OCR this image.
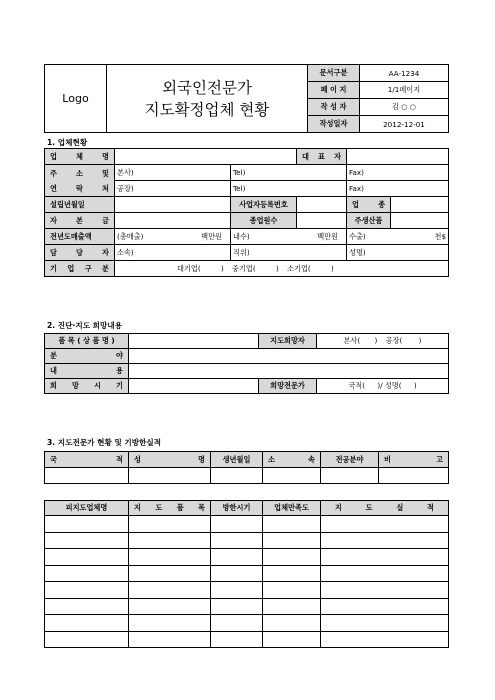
Logo	외국인전문가
지도확정업체 현황	문서구분	AA-1234
		페 이 지	1/1페이지
		작 성 자	김 ○ ○
		작성일자	2012-12-01
1. 업체현황
업 체 명			대 표 자		

주 소 및
연 락 처	본사)	Tel)		Fax)	
	공장)	Tel)		Fax)	
설립년월일		사업자등록번호		업 종	
자 본 금		종업원수		주생산품	
전년도매출액	(총매출) 백만원	내수) 백만원		수출) 천$	

담 당 자	소속)	직위)		성명)	
기 업 구 분	대기업( ) 중기업( ) 소기업( )				
2. 진단·지도 희망내용
품 목 ( 상 품 명 )		지도희망자	본사( ) 공장( )
분 야			
내 용			
희 망 시 기		희망전문가	국적( )/ 성명( )
3. 지도전문가 현황 및 기방한실적
국 적	성 명	생년월일	소 속	전공분야	비 고

피지도업체명	지 도 품 목	방한시기	업체만족도	지 도 실 적
